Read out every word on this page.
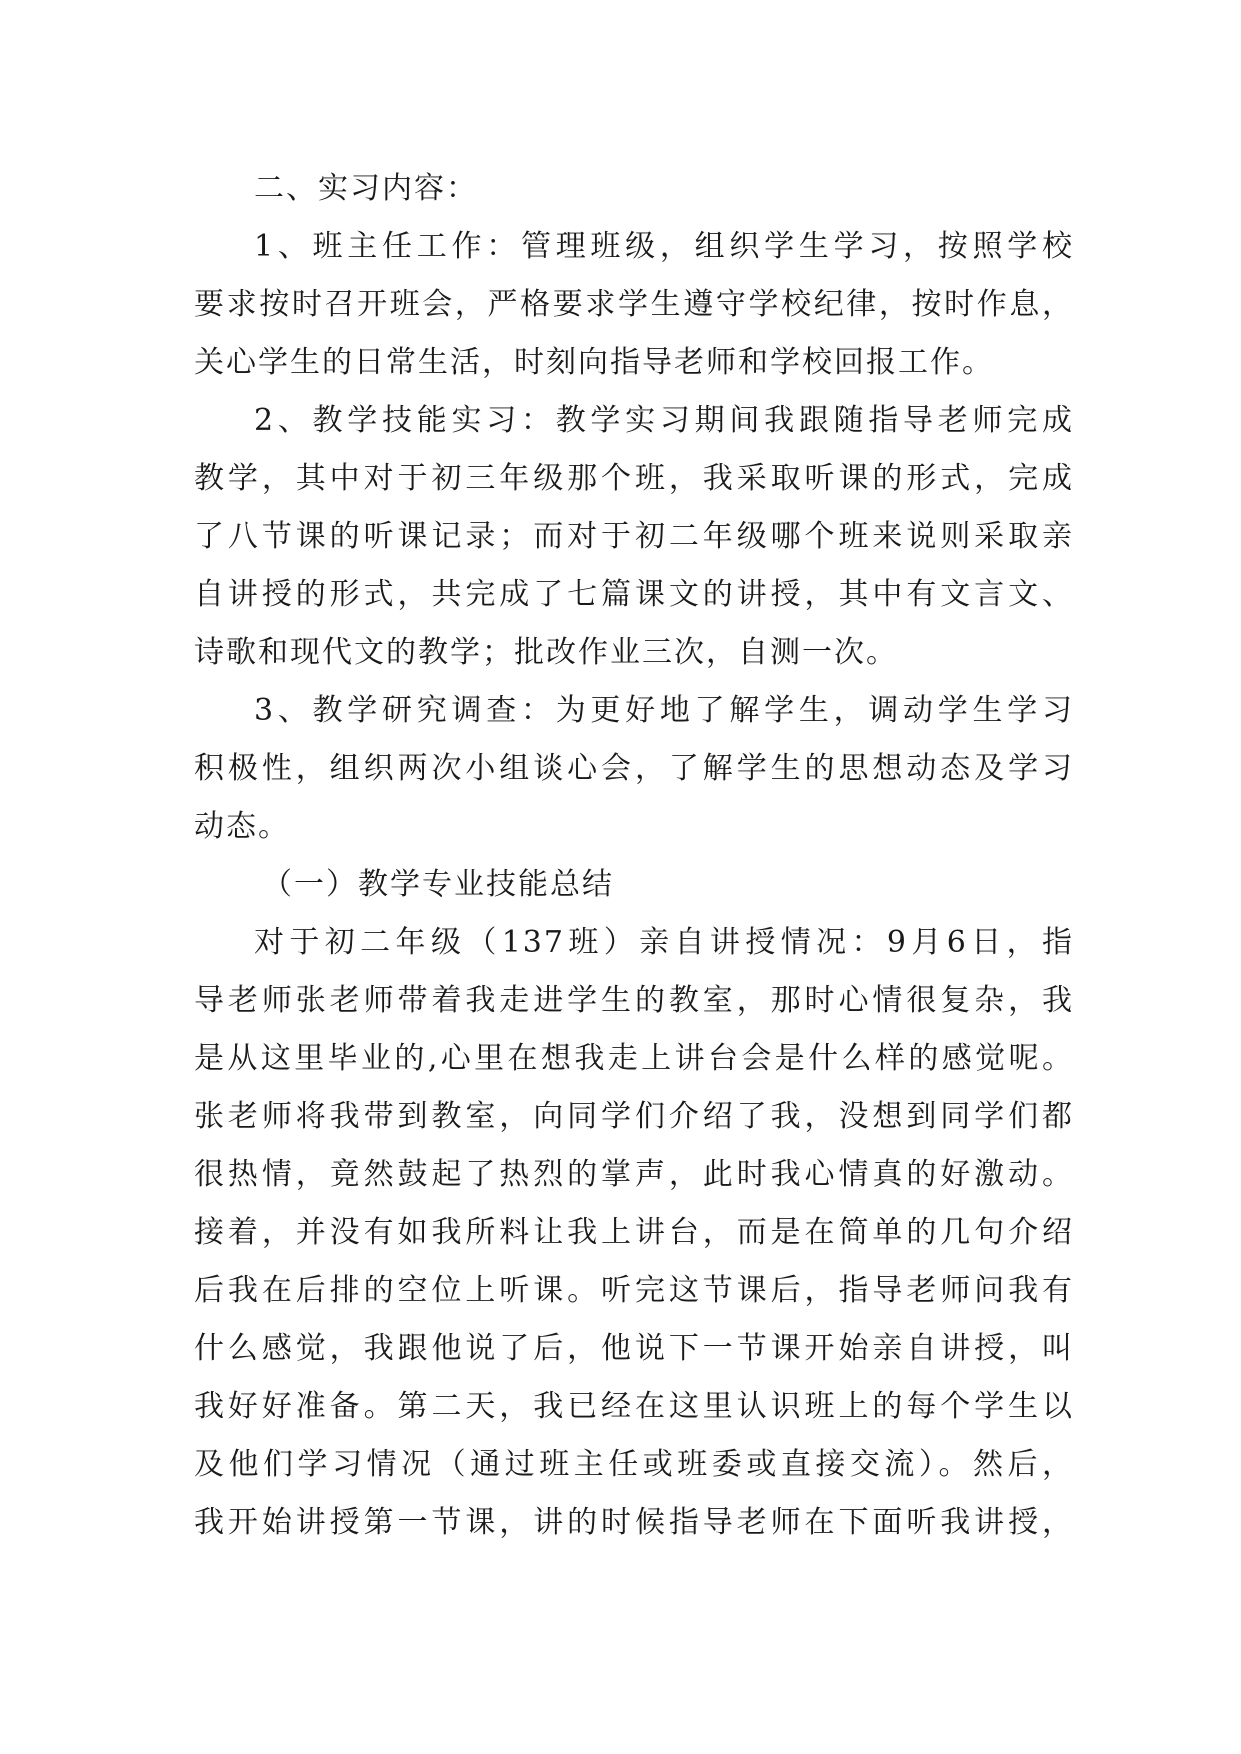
二、实习内容：
1、班主任工作：管理班级，组织学生学习，按照学校
要求按时召开班会，严格要求学生遵守学校纪律，按时作息，
关心学生的日常生活，时刻向指导老师和学校回报工作。
2、教学技能实习：教学实习期间我跟随指导老师完成
教学，其中对于初三年级那个班，我采取听课的形式，完成
了八节课的听课记录；而对于初二年级哪个班来说则采取亲
自讲授的形式，共完成了七篇课文的讲授，其中有文言文、
诗歌和现代文的教学；批改作业三次，自测一次。
3、教学研究调查：为更好地了解学生，调动学生学习
积极性，组织两次小组谈心会，了解学生的思想动态及学习
动态。
（一）教学专业技能总结
对于初二年级（137班）亲自讲授情况：9月6日，指
导老师张老师带着我走进学生的教室，那时心情很复杂，我
是从这里毕业的,心里在想我走上讲台会是什么样的感觉呢。
张老师将我带到教室，向同学们介绍了我，没想到同学们都
很热情，竟然鼓起了热烈的掌声，此时我心情真的好激动。
接着，并没有如我所料让我上讲台，而是在简单的几句介绍
后我在后排的空位上听课。听完这节课后，指导老师问我有
什么感觉，我跟他说了后，他说下一节课开始亲自讲授，叫
我好好准备。第二天，我已经在这里认识班上的每个学生以
及他们学习情况（通过班主任或班委或直接交流）。然后，
我开始讲授第一节课，讲的时候指导老师在下面听我讲授，
